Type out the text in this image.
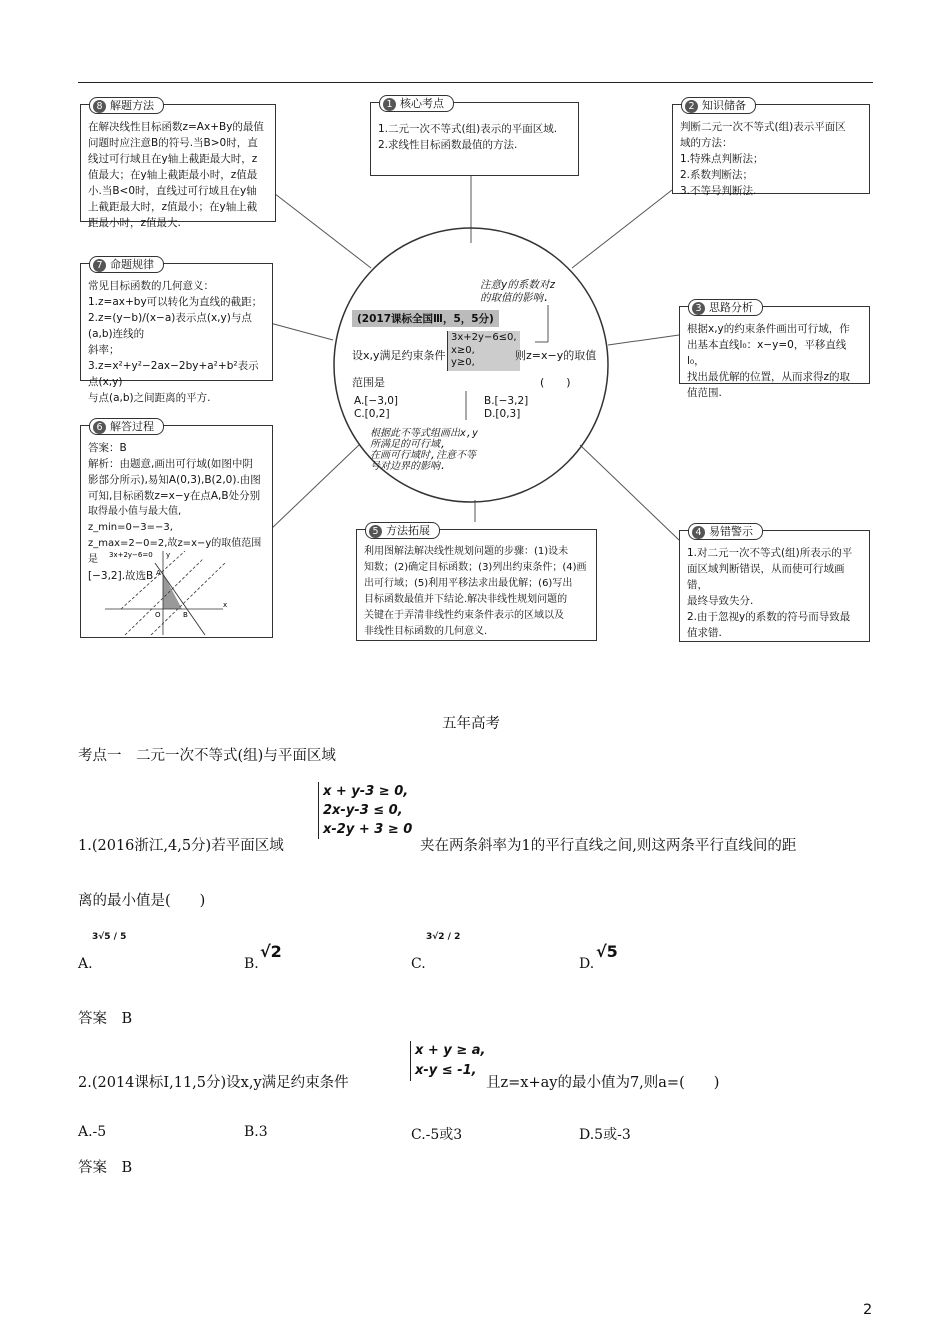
8 解题方法

在解决线性目标函数z=Ax+By的最值

问题时应注意B的符号.当B>0时，直

线过可行域且在y轴上截距最大时，z

值最大；在y轴上截距最小时，z值最

小.当B<0时，直线过可行域且在y轴

上截距最大时，z值最小；在y轴上截

距最小时，z值最大.

1 核心考点

1.二元一次不等式(组)表示的平面区域.

2.求线性目标函数最值的方法.

2 知识储备

判断二元一次不等式(组)表示平面区

域的方法：

1.特殊点判断法；

2.系数判断法；

3.不等号判断法.

7 命题规律

常见目标函数的几何意义：

1.z=ax+by可以转化为直线的截距；

2.z=(y−b)/(x−a)表示点(x,y)与点(a,b)连线的

斜率；

3.z=x²+y²−2ax−2by+a²+b²表示点(x,y)

与点(a,b)之间距离的平方.

3 思路分析

根据x,y的约束条件画出可行域，作

出基本直线l₀：x−y=0，平移直线l₀，

找出最优解的位置，从而求得z的取

值范围.

6 解答过程

答案：B

解析：由题意,画出可行域(如图中阴

影部分所示),易知A(0,3),B(2,0).由图

可知,目标函数z=x−y在点A,B处分别

取得最小值与最大值, z_min=0−3=−3,

z_max=2−0=2,故z=x−y的取值范围是

[−3,2].故选B.

3x+2y−6=0 y
x
O
A
B
5 方法拓展

利用图解法解决线性规划问题的步骤：(1)设未

知数；(2)确定目标函数；(3)列出约束条件；(4)画

出可行域；(5)利用平移法求出最优解；(6)写出

目标函数最值并下结论.解决非线性规划问题的

关键在于弄清非线性约束条件表示的区域以及

非线性目标函数的几何意义.

4 易错警示

1.对二元一次不等式(组)所表示的平

面区域判断错误，从而使可行域画错，

最终导致失分.

2.由于忽视y的系数的符号而导致最

值求错.

注意y的系数对z
的取值的影响.
(2017课标全国Ⅲ，5，5分)
设x,y满足约束条件
3x+2y−6≤0,
x≥0,
y≥0,
则z=x−y的取值
范围是	(　　)
A.[−3,0]	B.[−3,2]
C.[0,2]	D.[0,3]
根据此不等式组画出x,y
所满足的可行域,
在画可行域时,注意不等
号对边界的影响.
五年高考
考点一　二元一次不等式(组)与平面区域
1.(2016浙江,4,5分)若平面区域
x + y-3 ≥ 0,
2x-y-3 ≤ 0,
x-2y + 3 ≥ 0
夹在两条斜率为1的平行直线之间,则这两条平行直线间的距
离的最小值是(　　)
A.
3√5 / 5
B.
√2
C.
3√2 / 2
D.
√5
答案　B
2.(2014课标Ⅰ,11,5分)设x,y满足约束条件
x + y ≥ a,
x-y ≤ -1,
且z=x+ay的最小值为7,则a=(　　)
A.-5	B.3	C.-5或3	D.5或-3
答案　B
2
